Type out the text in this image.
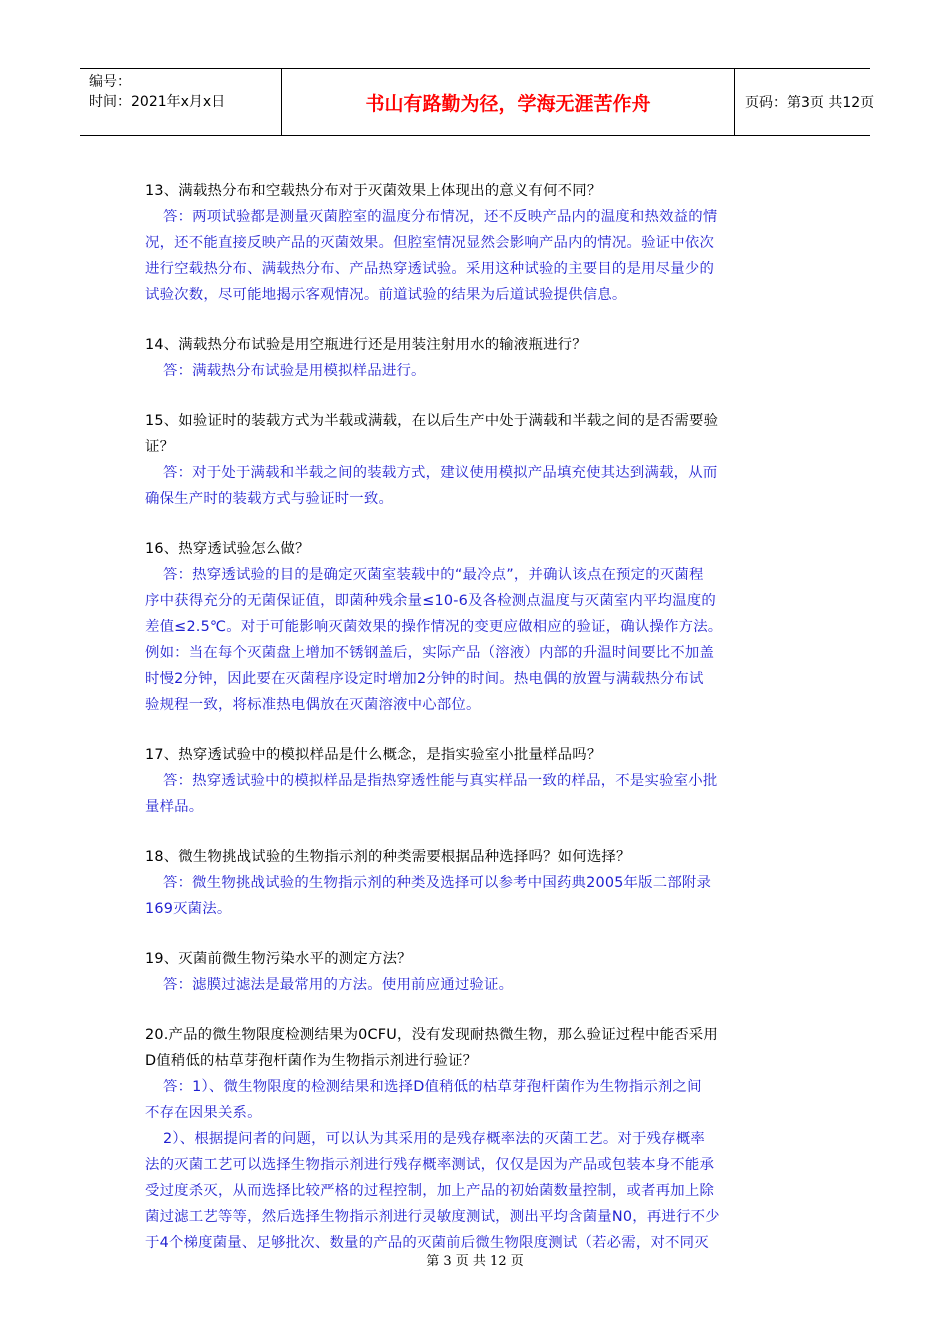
编号：
时间：2021年x月x日	书山有路勤为径，学海无涯苦作舟	页码：第3页 共12页
13、满载热分布和空载热分布对于灭菌效果上体现出的意义有何不同？
答：两项试验都是测量灭菌腔室的温度分布情况，还不反映产品内的温度和热效益的情
况，还不能直接反映产品的灭菌效果。但腔室情况显然会影响产品内的情况。验证中依次
进行空载热分布、满载热分布、产品热穿透试验。采用这种试验的主要目的是用尽量少的
试验次数，尽可能地揭示客观情况。前道试验的结果为后道试验提供信息。
14、满载热分布试验是用空瓶进行还是用装注射用水的输液瓶进行？
答：满载热分布试验是用模拟样品进行。
15、如验证时的装载方式为半载或满载，在以后生产中处于满载和半载之间的是否需要验
证？
答：对于处于满载和半载之间的装载方式，建议使用模拟产品填充使其达到满载，从而
确保生产时的装载方式与验证时一致。
16、热穿透试验怎么做？
答：热穿透试验的目的是确定灭菌室装载中的“最冷点”，并确认该点在预定的灭菌程
序中获得充分的无菌保证值，即菌种残余量≤10-6及各检测点温度与灭菌室内平均温度的
差值≤2.5℃。对于可能影响灭菌效果的操作情况的变更应做相应的验证，确认操作方法。
例如：当在每个灭菌盘上增加不锈钢盖后，实际产品（溶液）内部的升温时间要比不加盖
时慢2分钟，因此要在灭菌程序设定时增加2分钟的时间。热电偶的放置与满载热分布试
验规程一致，将标准热电偶放在灭菌溶液中心部位。
17、热穿透试验中的模拟样品是什么概念，是指实验室小批量样品吗？
答：热穿透试验中的模拟样品是指热穿透性能与真实样品一致的样品，不是实验室小批
量样品。
18、微生物挑战试验的生物指示剂的种类需要根据品种选择吗？如何选择？
答：微生物挑战试验的生物指示剂的种类及选择可以参考中国药典2005年版二部附录
169灭菌法。
19、灭菌前微生物污染水平的测定方法？
答：滤膜过滤法是最常用的方法。使用前应通过验证。
20.产品的微生物限度检测结果为0CFU，没有发现耐热微生物，那么验证过程中能否采用
D值稍低的枯草芽孢杆菌作为生物指示剂进行验证？
答：1）、微生物限度的检测结果和选择D值稍低的枯草芽孢杆菌作为生物指示剂之间
不存在因果关系。
2）、根据提问者的问题，可以认为其采用的是残存概率法的灭菌工艺。对于残存概率
法的灭菌工艺可以选择生物指示剂进行残存概率测试，仅仅是因为产品或包装本身不能承
受过度杀灭，从而选择比较严格的过程控制，加上产品的初始菌数量控制，或者再加上除
菌过滤工艺等等，然后选择生物指示剂进行灵敏度测试，测出平均含菌量N0，再进行不少
于4个梯度菌量、足够批次、数量的产品的灭菌前后微生物限度测试（若必需，对不同灭
第 3 页 共 12 页
